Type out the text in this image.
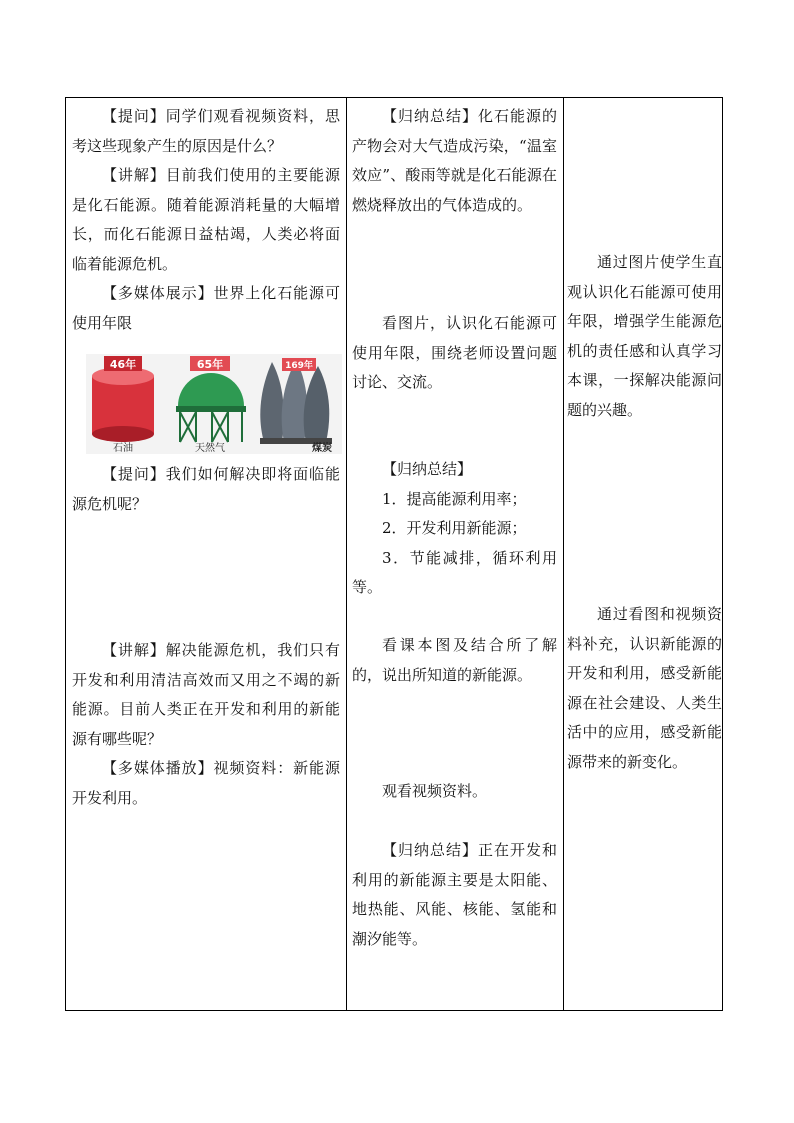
【提问】同学们观看视频资料，思考这些现象产生的原因是什么？

【讲解】目前我们使用的主要能源是化石能源。随着能源消耗量的大幅增长，而化石能源日益枯竭，人类必将面临着能源危机。

【多媒体展示】世界上化石能源可使用年限

46年
石油
65年
天然气
169年
煤炭

【提问】我们如何解决即将面临能源危机呢？

【讲解】解决能源危机，我们只有开发和利用清洁高效而又用之不竭的新能源。目前人类正在开发和利用的新能源有哪些呢？

【多媒体播放】视频资料：新能源开发利用。

【归纳总结】化石能源的产物会对大气造成污染，“温室效应”、酸雨等就是化石能源在燃烧释放出的气体造成的。

看图片，认识化石能源可使用年限，围绕老师设置问题讨论、交流。

【归纳总结】

1．提高能源利用率；

2．开发利用新能源；

3．节能减排，循环利用等。

看课本图及结合所了解的，说出所知道的新能源。

观看视频资料。

【归纳总结】正在开发和利用的新能源主要是太阳能、地热能、风能、核能、氢能和潮汐能等。

通过图片使学生直观认识化石能源可使用年限，增强学生能源危机的责任感和认真学习本课，一探解决能源问题的兴趣。

通过看图和视频资料补充，认识新能源的开发和利用，感受新能源在社会建设、人类生活中的应用，感受新能源带来的新变化。
